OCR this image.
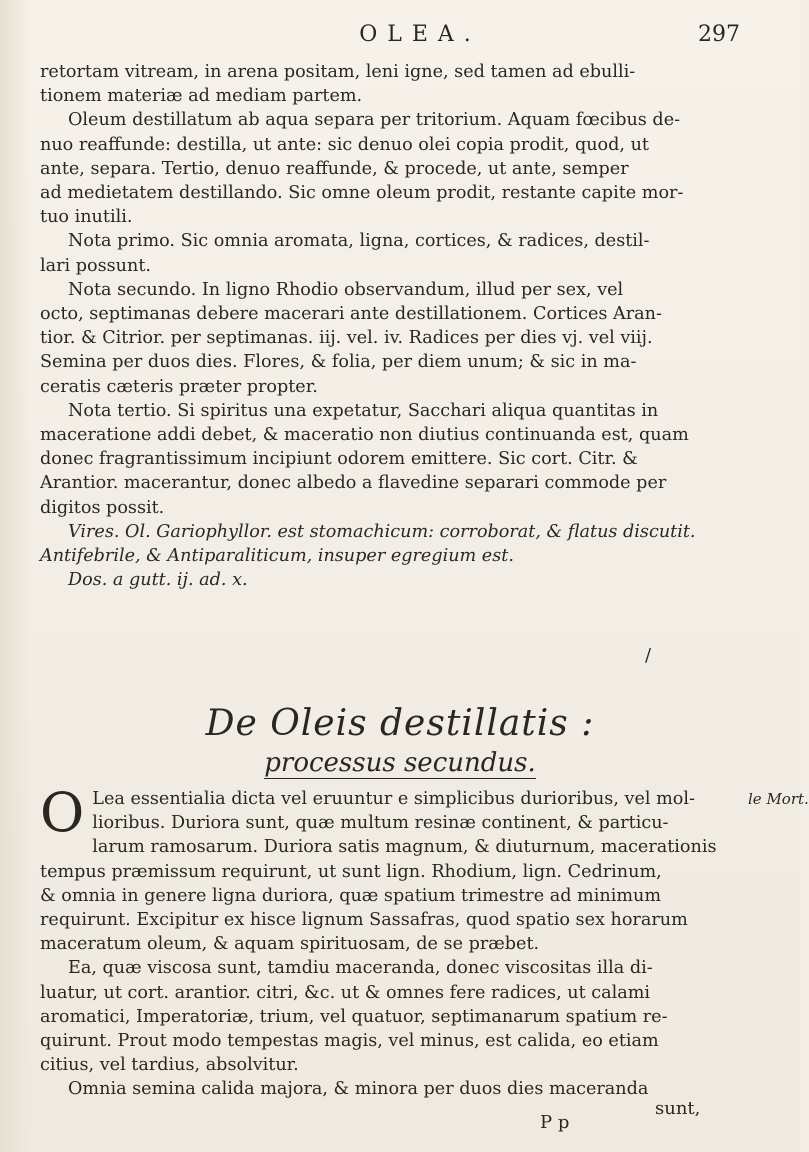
OLEA.	297
retortam vitream, in arena positam, leni igne, sed tamen ad ebulli-
tionem materiæ ad mediam partem.
Oleum destillatum ab aqua separa per tritorium. Aquam fœcibus de-
nuo reaffunde: destilla, ut ante: sic denuo olei copia prodit, quod, ut
ante, separa. Tertio, denuo reaffunde, & procede, ut ante, semper
ad medietatem destillando. Sic omne oleum prodit, restante capite mor-
tuo inutili.
Nota primo. Sic omnia aromata, ligna, cortices, & radices, destil-
lari possunt.
Nota secundo. In ligno Rhodio observandum, illud per sex, vel
octo, septimanas debere macerari ante destillationem. Cortices Aran-
tior. & Citrior. per septimanas. iij. vel. iv. Radices per dies vj. vel viij.
Semina per duos dies. Flores, & folia, per diem unum; & sic in ma-
ceratis cæteris præter propter.
Nota tertio. Si spiritus una expetatur, Sacchari aliqua quantitas in
maceratione addi debet, & maceratio non diutius continuanda est, quam
donec fragrantissimum incipiunt odorem emittere. Sic cort. Citr. &
Arantior. macerantur, donec albedo a flavedine separari commode per
digitos possit.
Vires. Ol. Gariophyllor. est stomachicum: corroborat, & flatus discutit.
Antifebrile, & Antiparaliticum, insuper egregium est.
Dos. a gutt. ij. ad. x.
/
De Oleis destillatis :
processus secundus.
O Lea essentialia dicta vel eruuntur e simplicibus durioribus, vel mol-
lioribus. Duriora sunt, quæ multum resinæ continent, & particu-
larum ramosarum. Duriora satis magnum, & diuturnum, macerationis
tempus præmissum requirunt, ut sunt lign. Rhodium, lign. Cedrinum,
& omnia in genere ligna duriora, quæ spatium trimestre ad minimum
requirunt. Excipitur ex hisce lignum Sassafras, quod spatio sex horarum
maceratum oleum, & aquam spirituosam, de se præbet.
Ea, quæ viscosa sunt, tamdiu maceranda, donec viscositas illa di-
luatur, ut cort. arantior. citri, &c. ut & omnes fere radices, ut calami
aromatici, Imperatoriæ, trium, vel quatuor, septimanarum spatium re-
quirunt. Prout modo tempestas magis, vel minus, est calida, eo etiam
citius, vel tardius, absolvitur.
Omnia semina calida majora, & minora per duos dies maceranda
le Mort.
sunt,
P p
